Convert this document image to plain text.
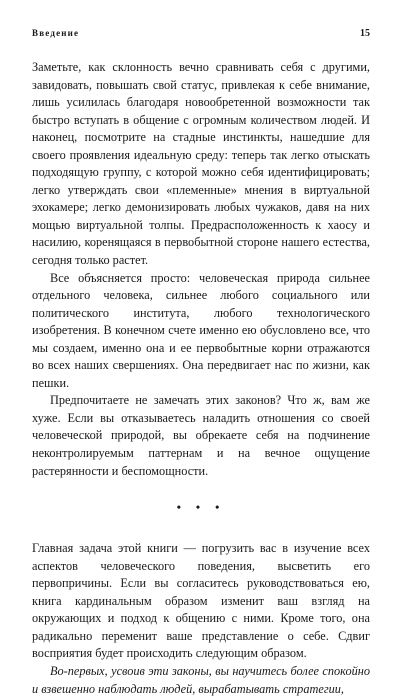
Введение	15

Заметьте, как склонность вечно сравнивать себя с другими, завидовать, повышать свой статус, привлекая к себе внимание, лишь усилилась благодаря новообретенной возможности так быстро вступать в общение с огромным количеством людей. И наконец, посмотрите на стадные инстинкты, нашедшие для своего проявления идеальную среду: теперь так легко отыскать подходящую группу, с которой можно себя идентифицировать; легко утверждать свои «племенные» мнения в виртуальной эхокамере; легко демонизировать любых чужаков, давя на них мощью виртуальной толпы. Предрасположенность к хаосу и насилию, коренящаяся в первобытной стороне нашего естества, сегодня только растет.

Все объясняется просто: человеческая природа сильнее отдельного человека, сильнее любого социального или политического института, любого технологического изобретения. В конечном счете именно ею обусловлено все, что мы создаем, именно она и ее первобытные корни отражаются во всех наших свершениях. Она передвигает нас по жизни, как пешки.

Предпочитаете не замечать этих законов? Что ж, вам же хуже. Если вы отказываетесь наладить отношения со своей человеческой природой, вы обрекаете себя на подчинение неконтролируемым паттернам и на вечное ощущение растерянности и беспомощности.

• • •

Главная задача этой книги — погрузить вас в изучение всех аспектов человеческого поведения, высветить его первопричины. Если вы согласитесь руководствоваться ею, книга кардинальным образом изменит ваш взгляд на окружающих и подход к общению с ними. Кроме того, она радикально переменит ваше представление о себе. Сдвиг восприятия будет происходить следующим образом.

Во-первых, усвоив эти законы, вы научитесь более спокойно и взвешенно наблюдать людей, вырабатывать стратегии,
